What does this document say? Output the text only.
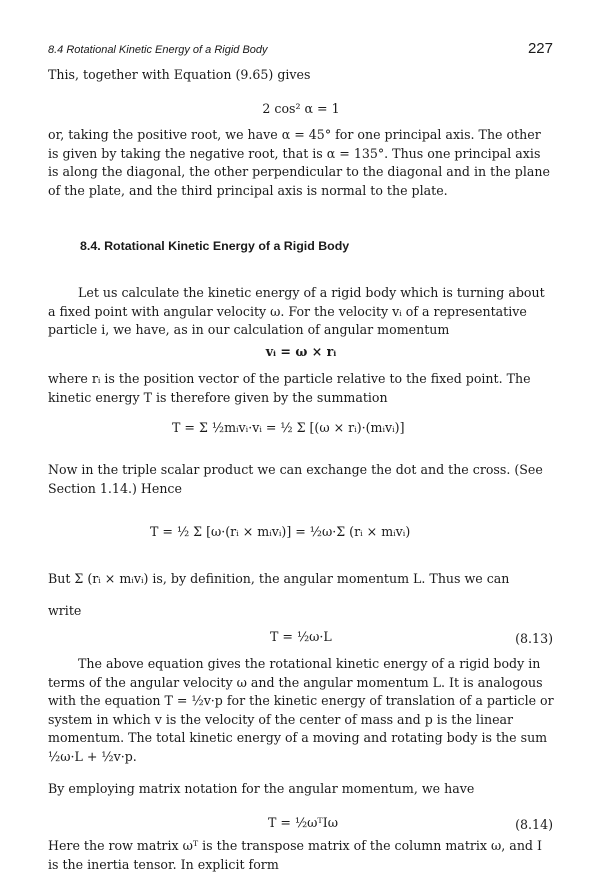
8.4 Rotational Kinetic Energy of a Rigid Body	227

This, together with Equation (9.65) gives

2 cos² α = 1

or, taking the positive root, we have α = 45° for one principal axis. The other is given by taking the negative root, that is α = 135°. Thus one principal axis is along the diagonal, the other perpendicular to the diagonal and in the plane of the plate, and the third principal axis is normal to the plate.

8.4. Rotational Kinetic Energy of a Rigid Body

Let us calculate the kinetic energy of a rigid body which is turning about a fixed point with angular velocity ω. For the velocity vᵢ of a representative particle i, we have, as in our calculation of angular momentum

vᵢ = ω × rᵢ

where rᵢ is the position vector of the particle relative to the fixed point. The kinetic energy T is therefore given by the summation

T = Σ ½mᵢvᵢ·vᵢ = ½ Σ [(ω × rᵢ)·(mᵢvᵢ)]

Now in the triple scalar product we can exchange the dot and the cross. (See Section 1.14.) Hence

T = ½ Σ [ω·(rᵢ × mᵢvᵢ)] = ½ω·Σ (rᵢ × mᵢvᵢ)

But Σ (rᵢ × mᵢvᵢ) is, by definition, the angular momentum L. Thus we can

write

T = ½ω·L	(8.13)

The above equation gives the rotational kinetic energy of a rigid body in terms of the angular velocity ω and the angular momentum L. It is analogous with the equation T = ½v·p for the kinetic energy of translation of a particle or system in which v is the velocity of the center of mass and p is the linear momentum. The total kinetic energy of a moving and rotating body is the sum ½ω·L + ½v·p.

By employing matrix notation for the angular momentum, we have

T = ½ωᵀIω	(8.14)

Here the row matrix ωᵀ is the transpose matrix of the column matrix ω, and I is the inertia tensor. In explicit form
